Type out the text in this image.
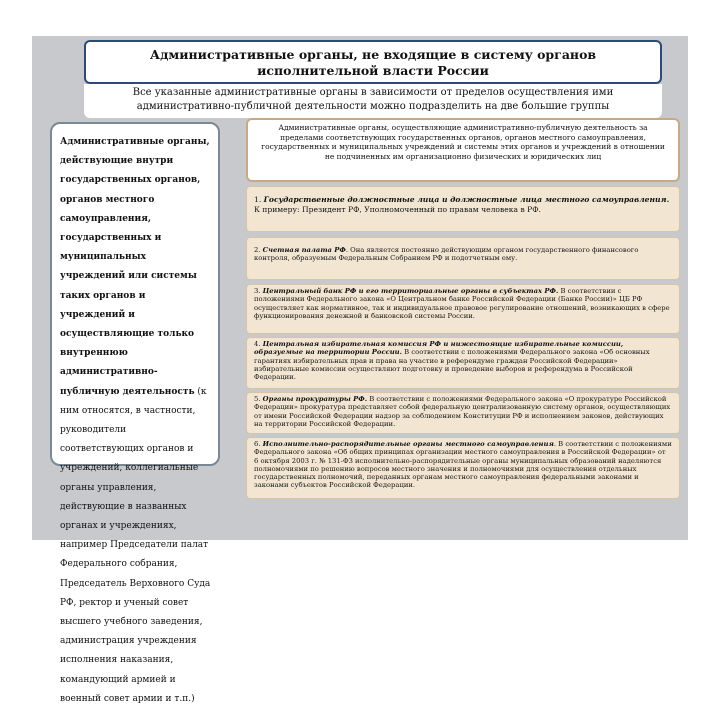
Административные органы, не входящие в систему органов
исполнительной власти России

Все указанные административные органы в зависимости от пределов осуществления ими
административно-публичной деятельности можно подразделить на две большие группы

Административные органы, действующие внутри государственных органов, органов местного самоуправления, государственных и муниципальных учреждений или системы таких органов и учреждений и осуществляющие только внутреннюю административно-публичную деятельность (к ним относятся, в частности, руководители соответствующих органов и учреждений, коллегиальные органы управления, действующие в названных органах и учреждениях, например Председатели палат Федерального собрания, Председатель Верховного Суда РФ, ректор и ученый совет высшего учебного заведения, администрация учреждения исполнения наказания, командующий армией и военный совет армии и т.п.)

Административные органы, осуществляющие административно-публичную деятельность за пределами соответствующих государственных органов, органов местного самоуправления, государственных и муниципальных учреждений и системы этих органов и учреждений в отношении не подчиненных им организационно физических и юридических лиц

1. Государственные должностные лица и должностные лица местного самоуправления. К примеру: Президент РФ, Уполномоченный по правам человека в РФ.

2. Счетная палата РФ. Она является постоянно действующим органом государственного финансового контроля, образуемым Федеральным Собранием РФ и подотчетным ему.

3. Центральный банк РФ и его территориальные органы в субъектах РФ. В соответствии с положениями Федерального закона «О Центральном банке Российской Федерации (Банке России)» ЦБ РФ осуществляет как нормативное, так и индивидуальное правовое регулирование отношений, возникающих в сфере функционирования денежной и банковской системы России.

4. Центральная избирательная комиссия РФ и нижестоящие избирательные комиссии, образуемые на территории России. В соответствии с положениями Федерального закона «Об основных гарантиях избирательных прав и права на участие в референдуме граждан Российской Федерации» избирательные комиссии осуществляют подготовку и проведение выборов и референдума в Российской Федерации.

5. Органы прокуратуры РФ. В соответствии с положениями Федерального закона «О прокуратуре Российской Федерации» прокуратура представляет собой федеральную централизованную систему органов, осуществляющих от имени Российской Федерации надзор за соблюдением Конституции РФ и исполнением законов, действующих на территории Российской Федерации.

6. Исполнительно-распорядительные органы местного самоуправления. В соответствии с положениями Федерального закона «Об общих принципах организации местного самоуправления в Российской Федерации» от 6 октября 2003 г. № 131-ФЗ исполнительно-распорядительные органы муниципальных образований наделяются полномочиями по решению вопросов местного значения и полномочиями для осуществления отдельных государственных полномочий, переданных органам местного самоуправления федеральными законами и законами субъектов Российской Федерации.
